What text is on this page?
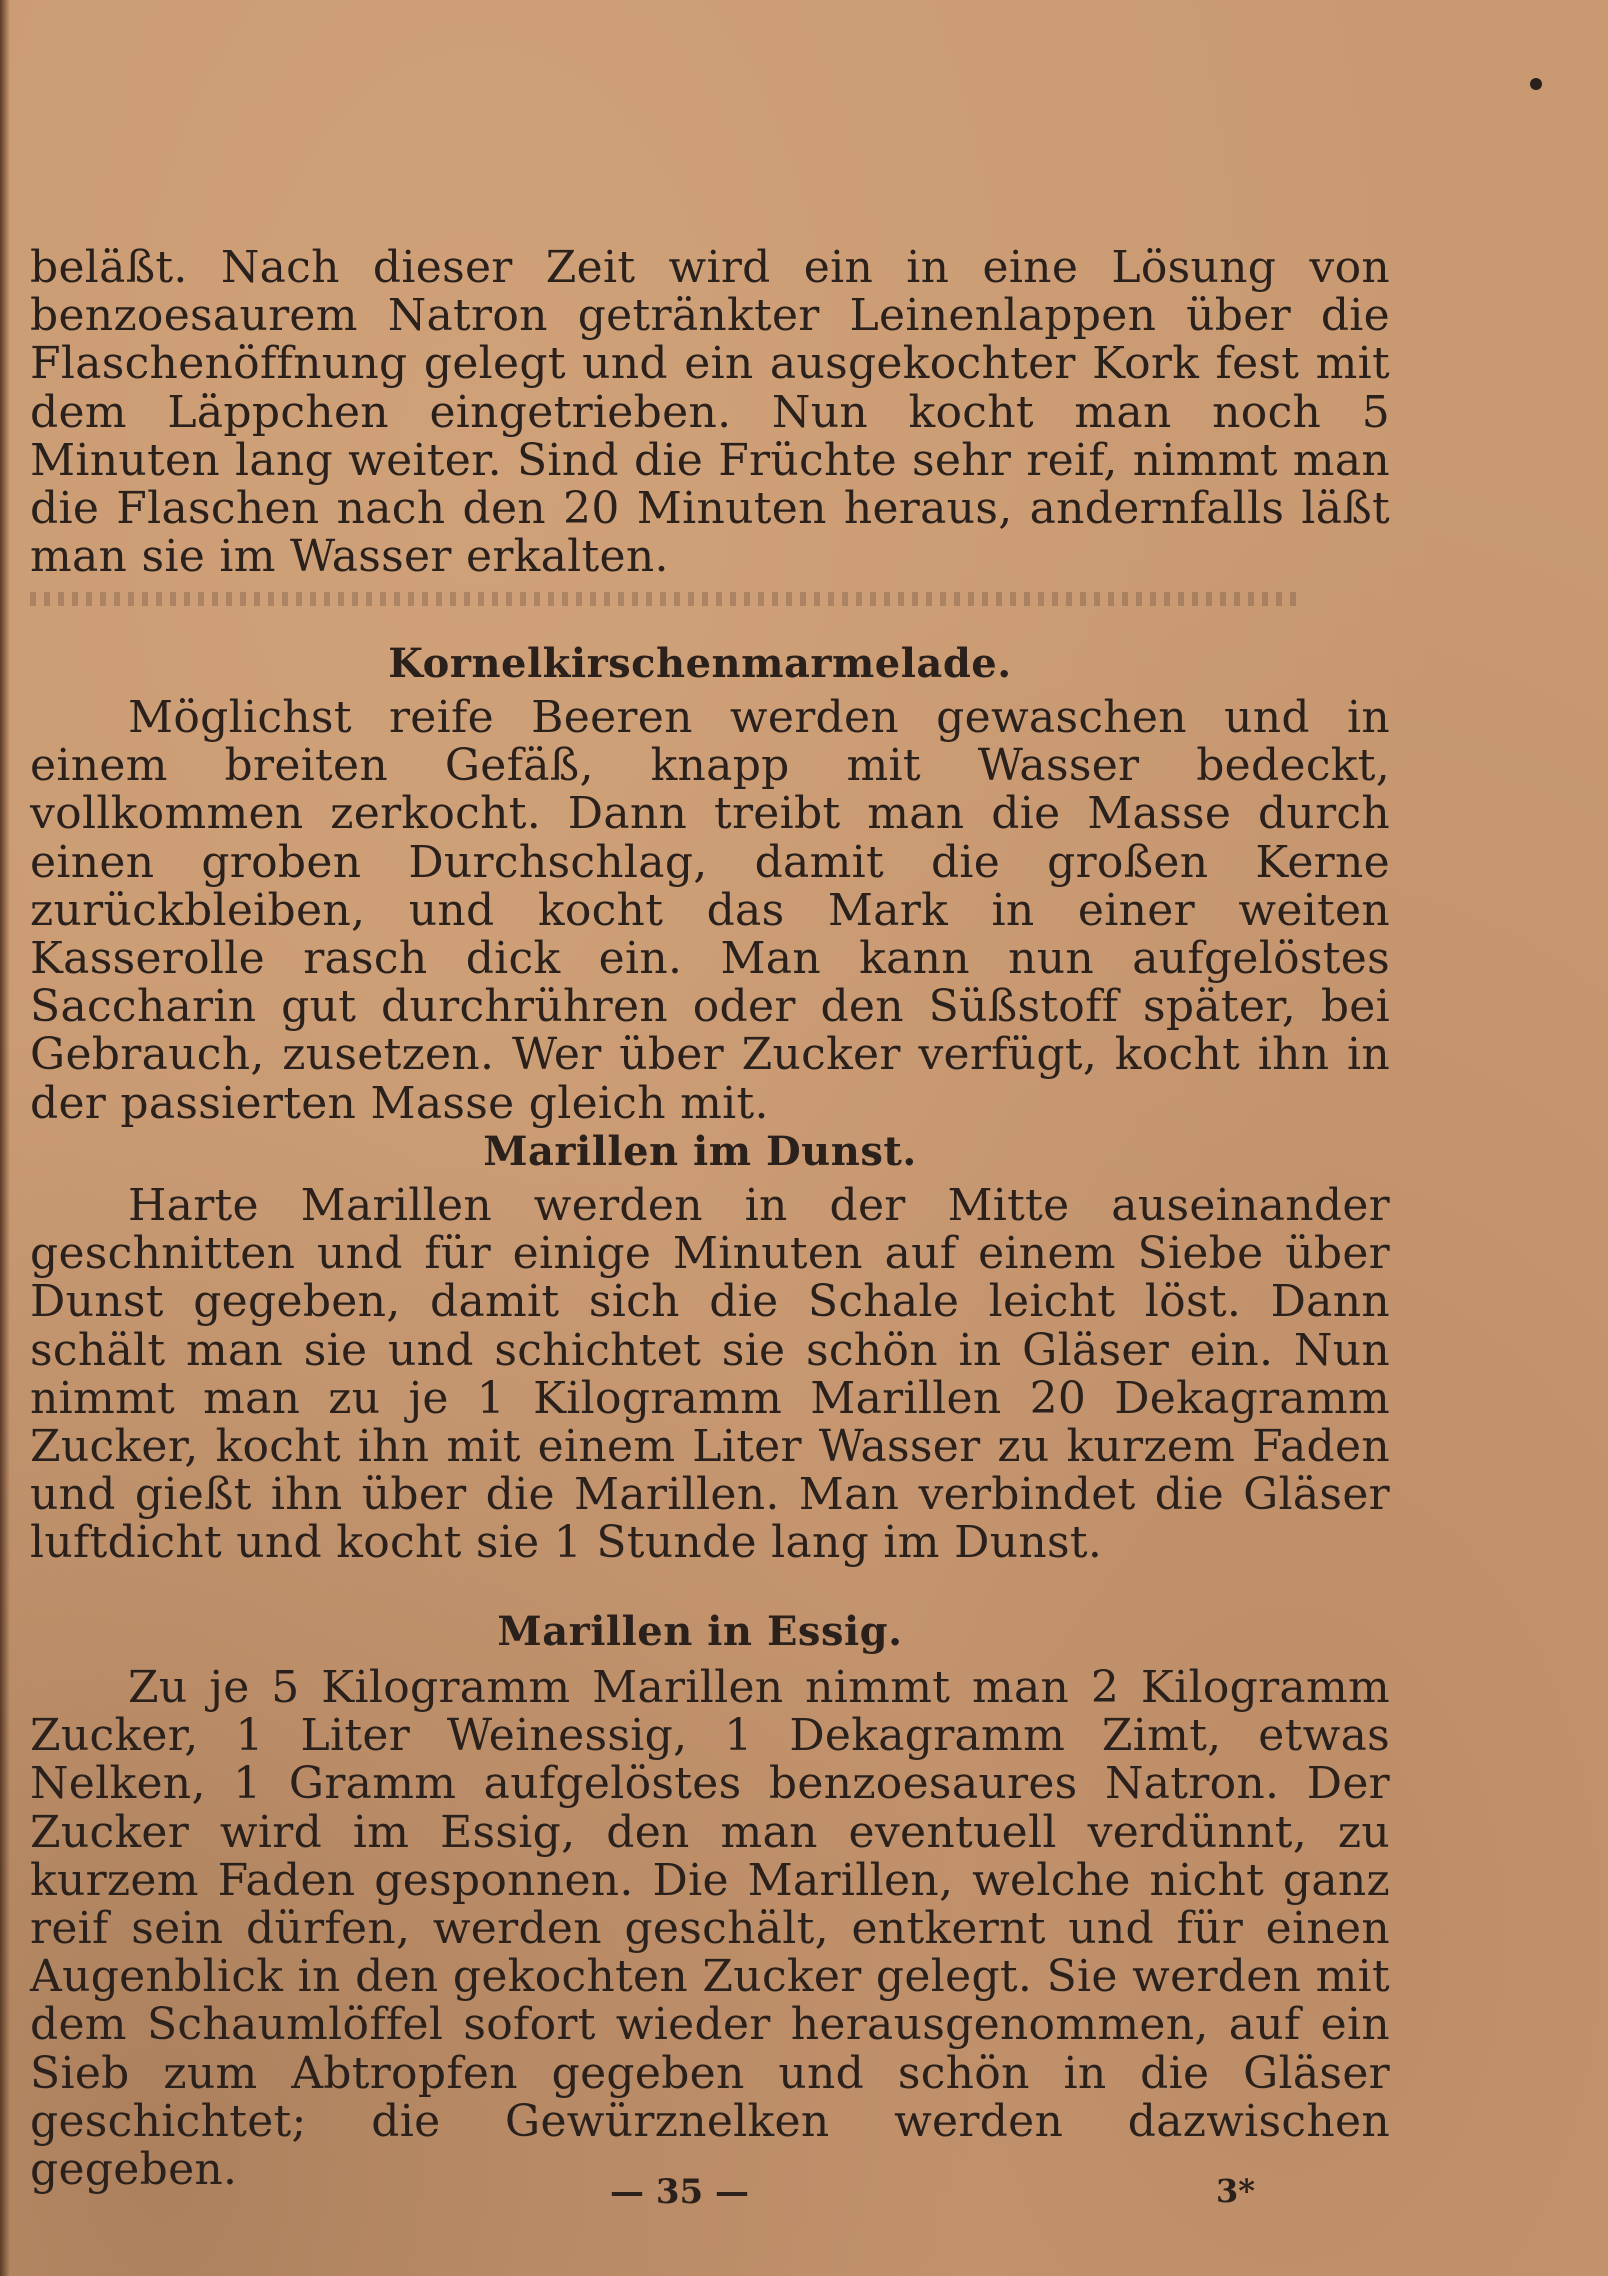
beläßt. Nach dieser Zeit wird ein in eine Lösung von benzoesaurem Natron getränkter Leinenlappen über die Flaschenöffnung gelegt und ein ausgekochter Kork fest mit dem Läppchen eingetrieben. Nun kocht man noch 5 Minuten lang weiter. Sind die Früchte sehr reif, nimmt man die Flaschen nach den 20 Minuten heraus, andernfalls läßt man sie im Wasser erkalten.

Kornelkirschenmarmelade.

Möglichst reife Beeren werden gewaschen und in einem breiten Gefäß, knapp mit Wasser bedeckt, vollkommen zerkocht. Dann treibt man die Masse durch einen groben Durchschlag, damit die großen Kerne zurückbleiben, und kocht das Mark in einer weiten Kasserolle rasch dick ein. Man kann nun aufgelöstes Saccharin gut durchrühren oder den Süßstoff später, bei Gebrauch, zusetzen. Wer über Zucker verfügt, kocht ihn in der passierten Masse gleich mit.

Marillen im Dunst.

Harte Marillen werden in der Mitte auseinander geschnitten und für einige Minuten auf einem Siebe über Dunst gegeben, damit sich die Schale leicht löst. Dann schält man sie und schichtet sie schön in Gläser ein. Nun nimmt man zu je 1 Kilogramm Marillen 20 Dekagramm Zucker, kocht ihn mit einem Liter Wasser zu kurzem Faden und gießt ihn über die Marillen. Man verbindet die Gläser luftdicht und kocht sie 1 Stunde lang im Dunst.

Marillen in Essig.

Zu je 5 Kilogramm Marillen nimmt man 2 Kilogramm Zucker, 1 Liter Weinessig, 1 Dekagramm Zimt, etwas Nelken, 1 Gramm aufgelöstes benzoesaures Natron. Der Zucker wird im Essig, den man eventuell verdünnt, zu kurzem Faden gesponnen. Die Marillen, welche nicht ganz reif sein dürfen, werden geschält, entkernt und für einen Augenblick in den gekochten Zucker gelegt. Sie werden mit dem Schaumlöffel sofort wieder herausgenommen, auf ein Sieb zum Abtropfen gegeben und schön in die Gläser geschichtet; die Gewürznelken werden dazwischen gegeben.	— 35 —	3*
